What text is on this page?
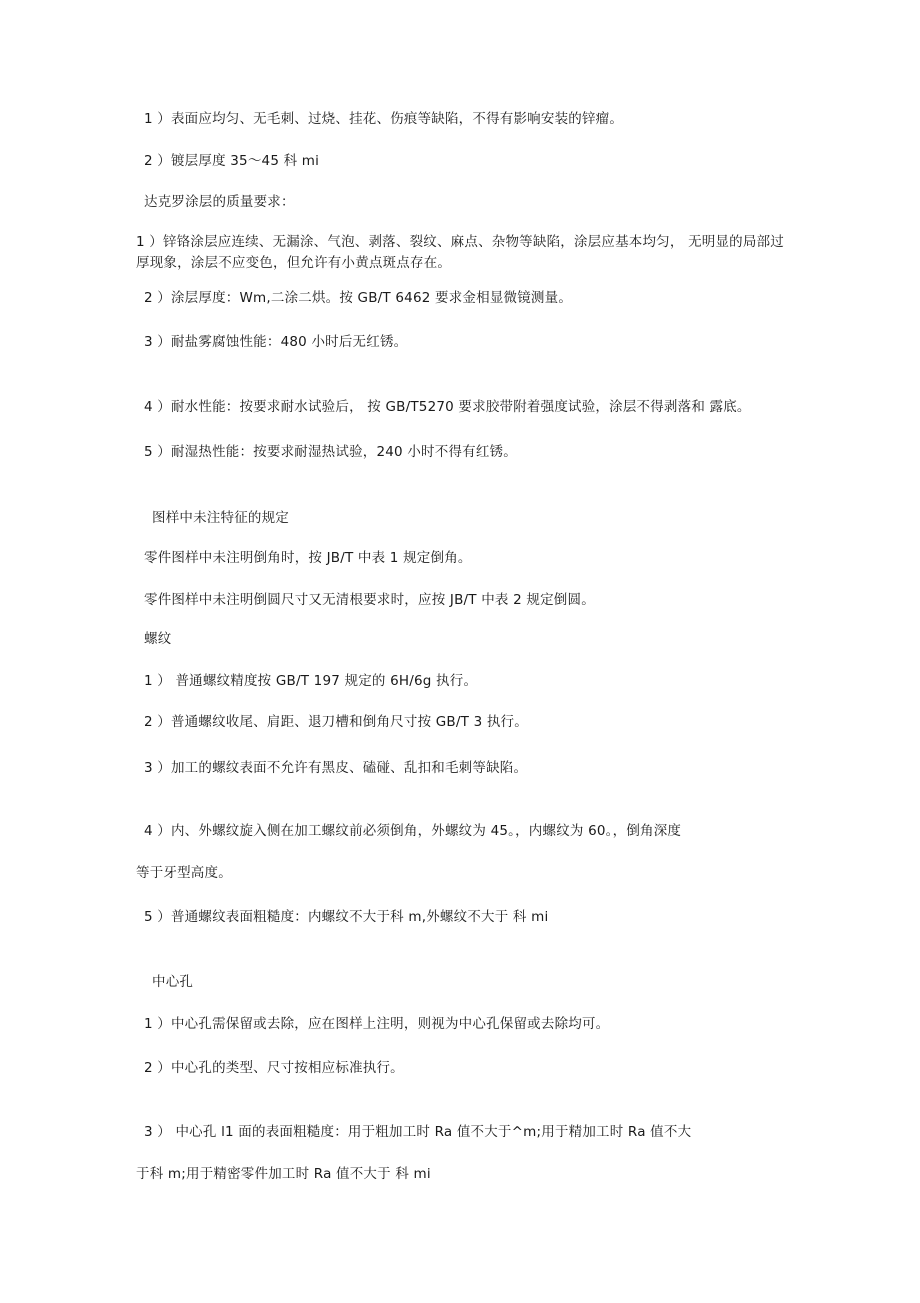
1 ）表面应均匀、无毛刺、过烧、挂花、伤痕等缺陷，不得有影响安装的锌瘤。
2 ）镀层厚度 35～45 科 mi
达克罗涂层的质量要求：
1 ）锌铬涂层应连续、无漏涂、气泡、剥落、裂纹、麻点、杂物等缺陷，涂层应基本均匀， 无明显的局部过厚现象，涂层不应变色，但允许有小黄点斑点存在。
2 ）涂层厚度：Wm,二涂二烘。按 GB/T 6462 要求金相显微镜测量。
3 ）耐盐雾腐蚀性能：480 小时后无红锈。
4 ）耐水性能：按要求耐水试验后， 按 GB/T5270 要求胶带附着强度试验，涂层不得剥落和 露底。
5 ）耐湿热性能：按要求耐湿热试验，240 小时不得有红锈。
图样中未注特征的规定
零件图样中未注明倒角时，按 JB/T 中表 1 规定倒角。
零件图样中未注明倒圆尺寸又无清根要求时，应按 JB/T 中表 2 规定倒圆。
螺纹
1 ） 普通螺纹精度按 GB/T 197 规定的 6H/6g 执行。
2 ）普通螺纹收尾、肩距、退刀槽和倒角尺寸按 GB/T 3 执行。
3 ）加工的螺纹表面不允许有黑皮、磕碰、乱扣和毛刺等缺陷。
4 ）内、外螺纹旋入侧在加工螺纹前必须倒角，外螺纹为 45。，内螺纹为 60。，倒角深度
等于牙型高度。
5 ）普通螺纹表面粗糙度：内螺纹不大于科 m,外螺纹不大于 科 mi
中心孔
1 ）中心孔需保留或去除，应在图样上注明，则视为中心孔保留或去除均可。
2 ）中心孔的类型、尺寸按相应标准执行。
3 ） 中心孔 l1 面的表面粗糙度：用于粗加工时 Ra 值不大于^m;用于精加工时 Ra 值不大
于科 m;用于精密零件加工时 Ra 值不大于 科 mi
